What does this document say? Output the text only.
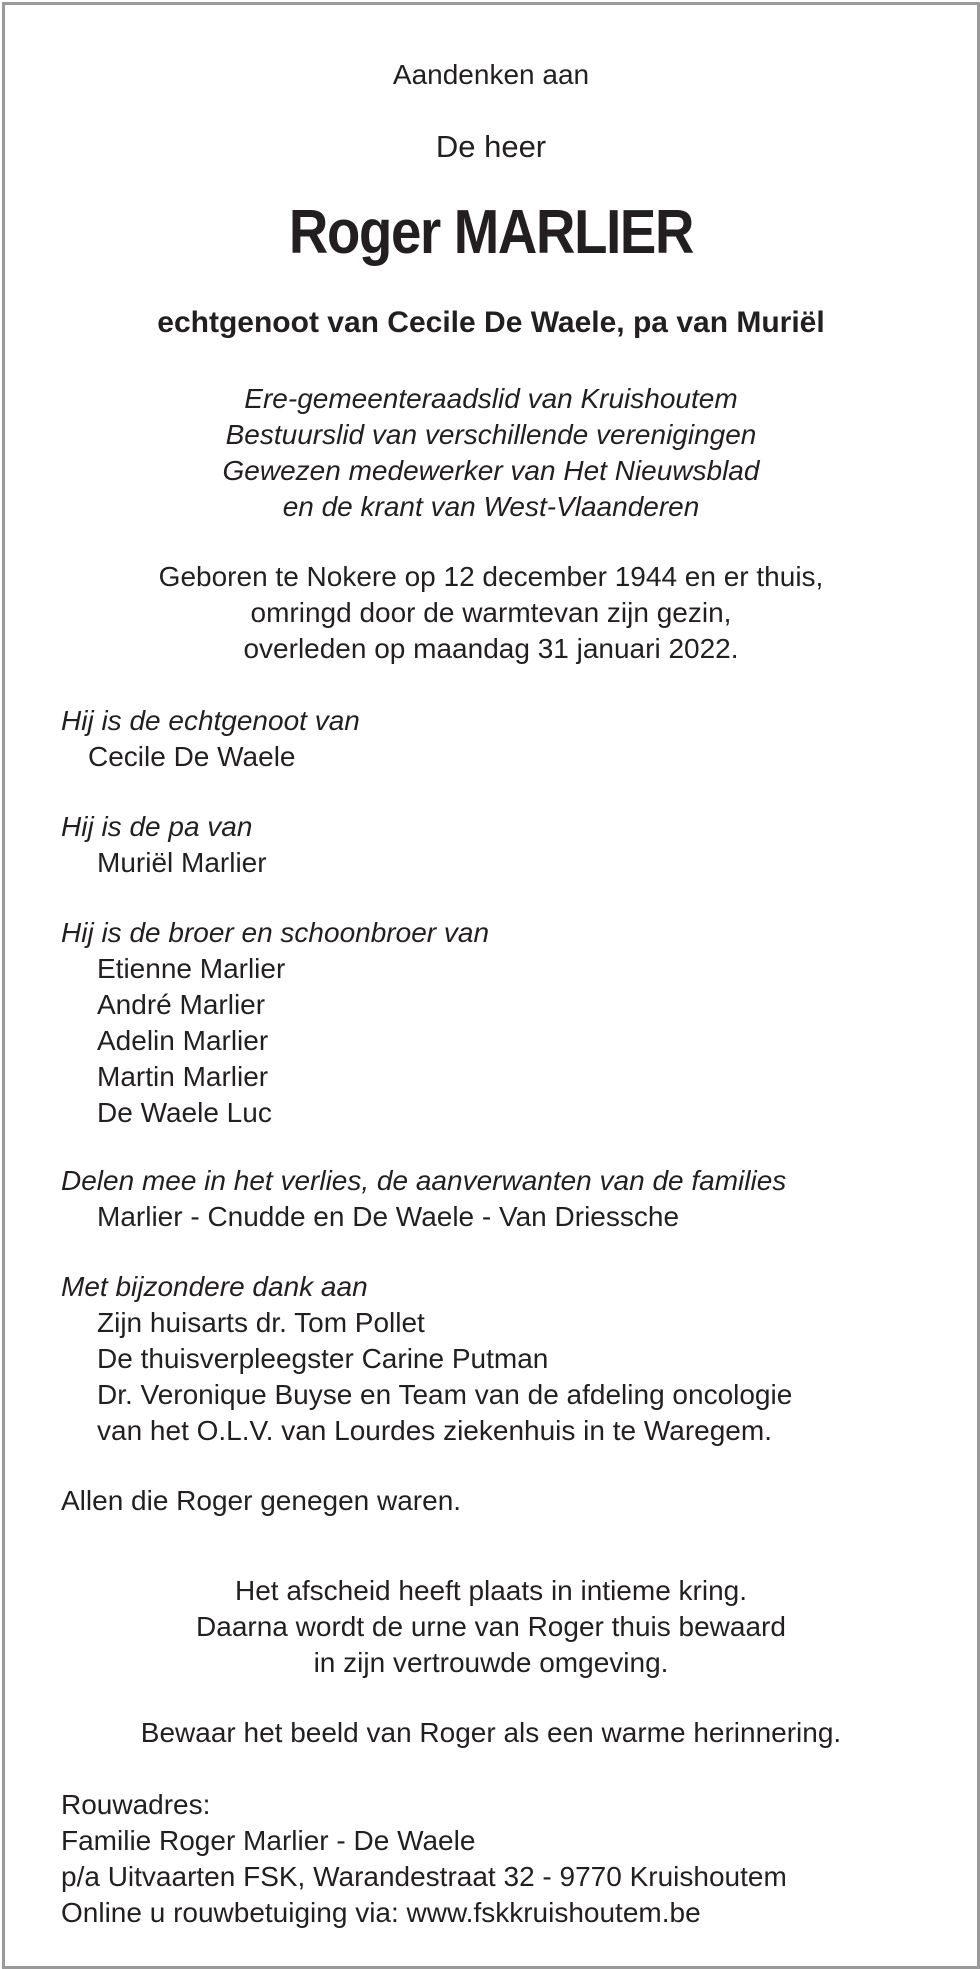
Aandenken aan
De heer
Roger MARLIER
echtgenoot van Cecile De Waele, pa van Muriël
Ere-gemeenteraadslid van Kruishoutem
Bestuurslid van verschillende verenigingen
Gewezen medewerker van Het Nieuwsblad
en de krant van West-Vlaanderen
Geboren te Nokere op 12 december 1944 en er thuis,
omringd door de warmtevan zijn gezin,
overleden op maandag 31 januari 2022.
Hij is de echtgenoot van
Cecile De Waele
Hij is de pa van
Muriël Marlier
Hij is de broer en schoonbroer van
Etienne Marlier
André Marlier
Adelin Marlier
Martin Marlier
De Waele Luc
Delen mee in het verlies, de aanverwanten van de families
Marlier - Cnudde en De Waele - Van Driessche
Met bijzondere dank aan
Zijn huisarts dr. Tom Pollet
De thuisverpleegster Carine Putman
Dr. Veronique Buyse en Team van de afdeling oncologie
van het O.L.V. van Lourdes ziekenhuis in te Waregem.
Allen die Roger genegen waren.
Het afscheid heeft plaats in intieme kring.
Daarna wordt de urne van Roger thuis bewaard
in zijn vertrouwde omgeving.
Bewaar het beeld van Roger als een warme herinnering.
Rouwadres:
Familie Roger Marlier - De Waele
p/a Uitvaarten FSK, Warandestraat 32 - 9770 Kruishoutem
Online u rouwbetuiging via: www.fskkruishoutem.be
